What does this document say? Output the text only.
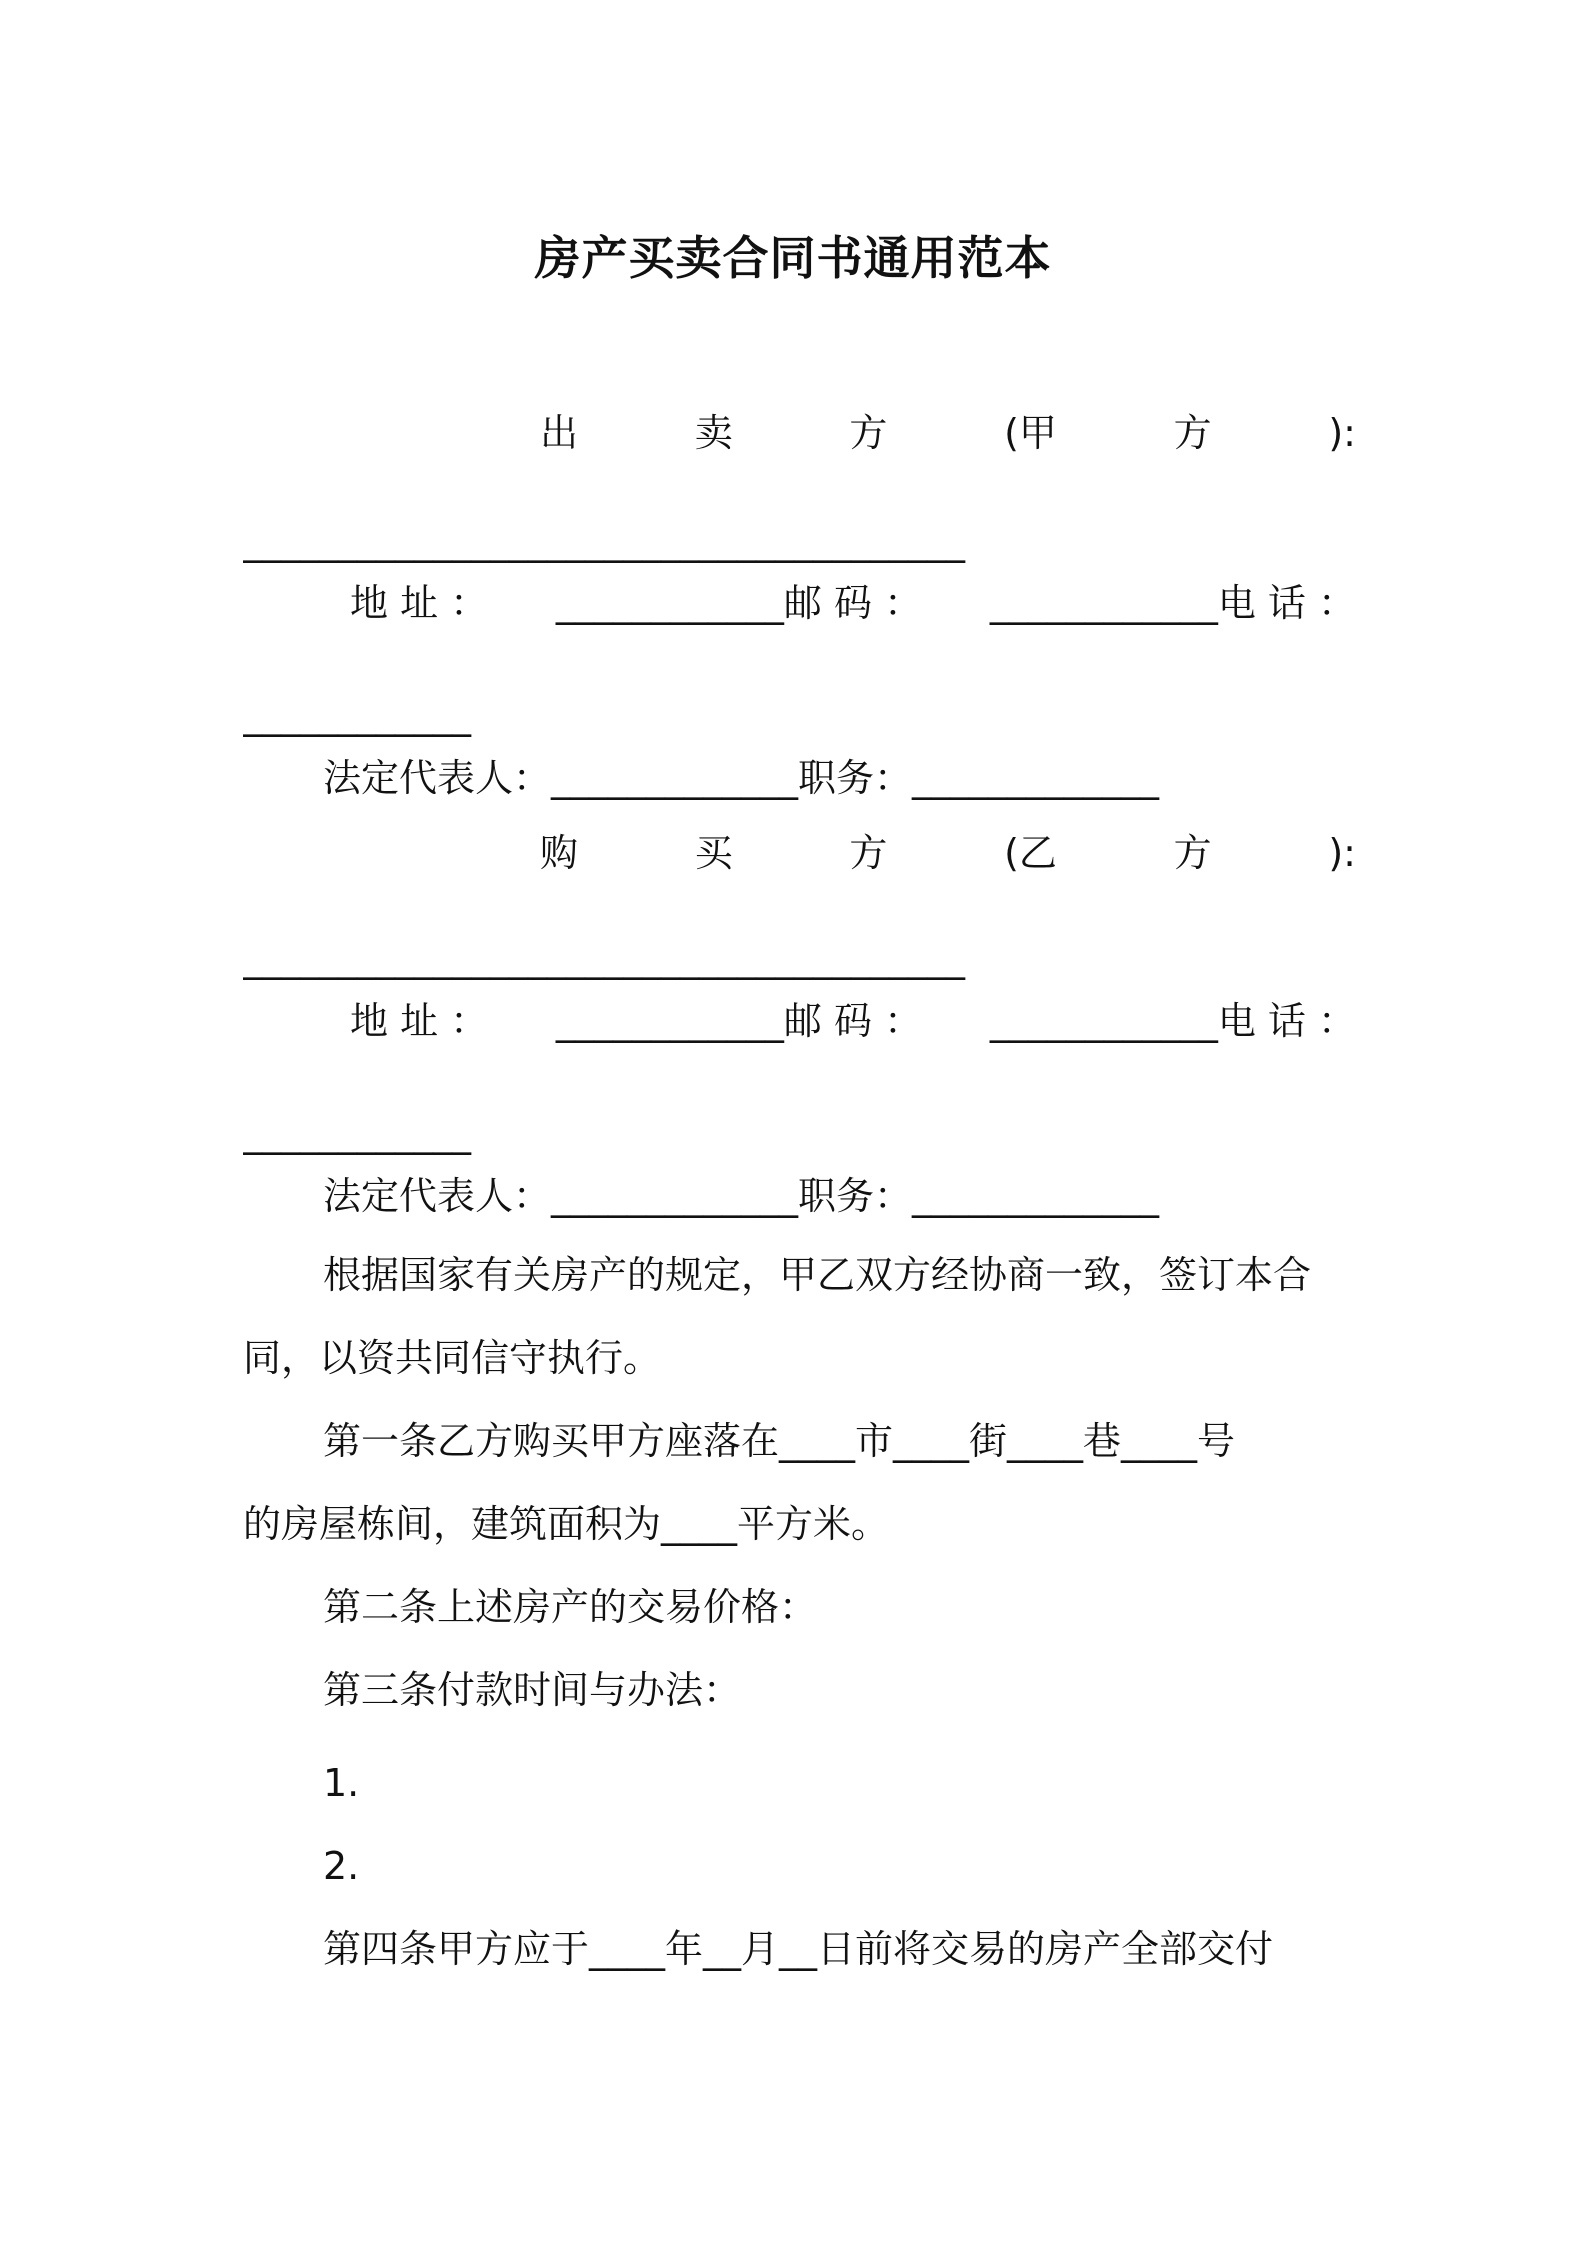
房产买卖合同书通用范本
出	卖	方	(甲	方	):
______________________________________
地 址 ： ____________邮 码 ： ____________电 话 ：
____________
法定代表人：_____________职务：_____________
购	买	方	(乙	方	):
______________________________________
地 址 ： ____________邮 码 ： ____________电 话 ：
____________
法定代表人：_____________职务：_____________
根据国家有关房产的规定，甲乙双方经协商一致，签订本合
同，以资共同信守执行。
第一条乙方购买甲方座落在____市____街____巷____号
的房屋栋间，建筑面积为____平方米。
第二条上述房产的交易价格：
第三条付款时间与办法：
1.
2.
第四条甲方应于____年__月__日前将交易的房产全部交付
